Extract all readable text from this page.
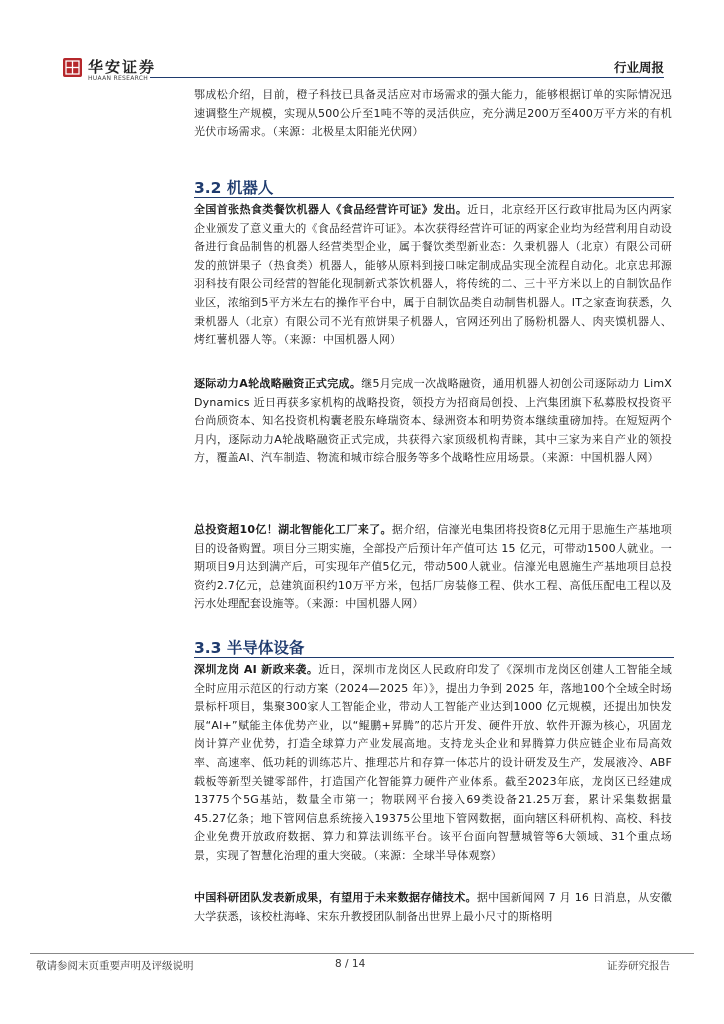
华安证券
HUAAN RESEARCH
行业周报

鄂成松介绍，目前，橙子科技已具备灵活应对市场需求的强大能力，能够根据订单的实际情况迅速调整生产规模，实现从500公斤至1吨不等的灵活供应，充分满足200万至400万平方米的有机光伏市场需求。（来源：北极星太阳能光伏网）

3.2 机器人

全国首张热食类餐饮机器人《食品经营许可证》发出。近日，北京经开区行政审批局为区内两家企业颁发了意义重大的《食品经营许可证》。本次获得经营许可证的两家企业均为经营利用自动设备进行食品制售的机器人经营类型企业，属于餐饮类型新业态：久秉机器人（北京）有限公司研发的煎饼果子（热食类）机器人，能够从原料到接口味定制成品实现全流程自动化。北京忠邦源羽科技有限公司经营的智能化现制新式茶饮机器人，将传统的二、三十平方米以上的自制饮品作业区，浓缩到5平方米左右的操作平台中，属于自制饮品类自动制售机器人。IT之家查询获悉，久秉机器人（北京）有限公司不光有煎饼果子机器人，官网还列出了肠粉机器人、肉夹馍机器人、烤红薯机器人等。（来源：中国机器人网）

逐际动力A轮战略融资正式完成。继5月完成一次战略融资，通用机器人初创公司逐际动力 LimX Dynamics 近日再获多家机构的战略投资，领投方为招商局创投、上汽集团旗下私募股权投资平台尚颀资本、知名投资机构囊老股东峰瑞资本、绿洲资本和明势资本继续重磅加持。在短短两个月内，逐际动力A轮战略融资正式完成，共获得六家顶级机构青睐，其中三家为来自产业的领投方，覆盖AI、汽车制造、物流和城市综合服务等多个战略性应用场景。（来源：中国机器人网）

总投资超10亿！湖北智能化工厂来了。据介绍，信濠光电集团将投资8亿元用于思施生产基地项目的设备购置。项目分三期实施，全部投产后预计年产值可达 15 亿元，可带动1500人就业。一期项目9月达到满产后，可实现年产值5亿元，带动500人就业。信濠光电恩施生产基地项目总投资约2.7亿元，总建筑面积约10万平方米，包括厂房装修工程、供水工程、高低压配电工程以及污水处理配套设施等。（来源：中国机器人网）

3.3 半导体设备

深圳龙岗 AI 新政来袭。近日，深圳市龙岗区人民政府印发了《深圳市龙岗区创建人工智能全域全时应用示范区的行动方案（2024—2025 年）》，提出力争到 2025 年，落地100个全域全时场景标杆项目，集聚300家人工智能企业，带动人工智能产业达到1000 亿元规模，还提出加快发展“AI+”赋能主体优势产业，以“鲲鹏+昇腾”的芯片开发、硬件开放、软件开源为核心，巩固龙岗计算产业优势，打造全球算力产业发展高地。支持龙头企业和昇腾算力供应链企业布局高效率、高速率、低功耗的训练芯片、推理芯片和存算一体芯片的设计研发及生产，发展液冷、ABF载板等新型关键零部件，打造国产化智能算力硬件产业体系。截至2023年底，龙岗区已经建成13775个5G基站，数量全市第一；物联网平台接入69类设备21.25万套，累计采集数据量45.27亿条；地下管网信息系统接入19375公里地下管网数据，面向辖区科研机构、高校、科技企业免费开放政府数据、算力和算法训练平台。该平台面向智慧城管等6大领域、31个重点场景，实现了智慧化治理的重大突破。（来源：全球半导体观察）

中国科研团队发表新成果，有望用于未来数据存储技术。据中国新闻网 7 月 16 日消息，从安徽大学获悉，该校杜海峰、宋东升教授团队制备出世界上最小尺寸的斯格明

敬请参阅末页重要声明及评级说明	8 / 14	证券研究报告
